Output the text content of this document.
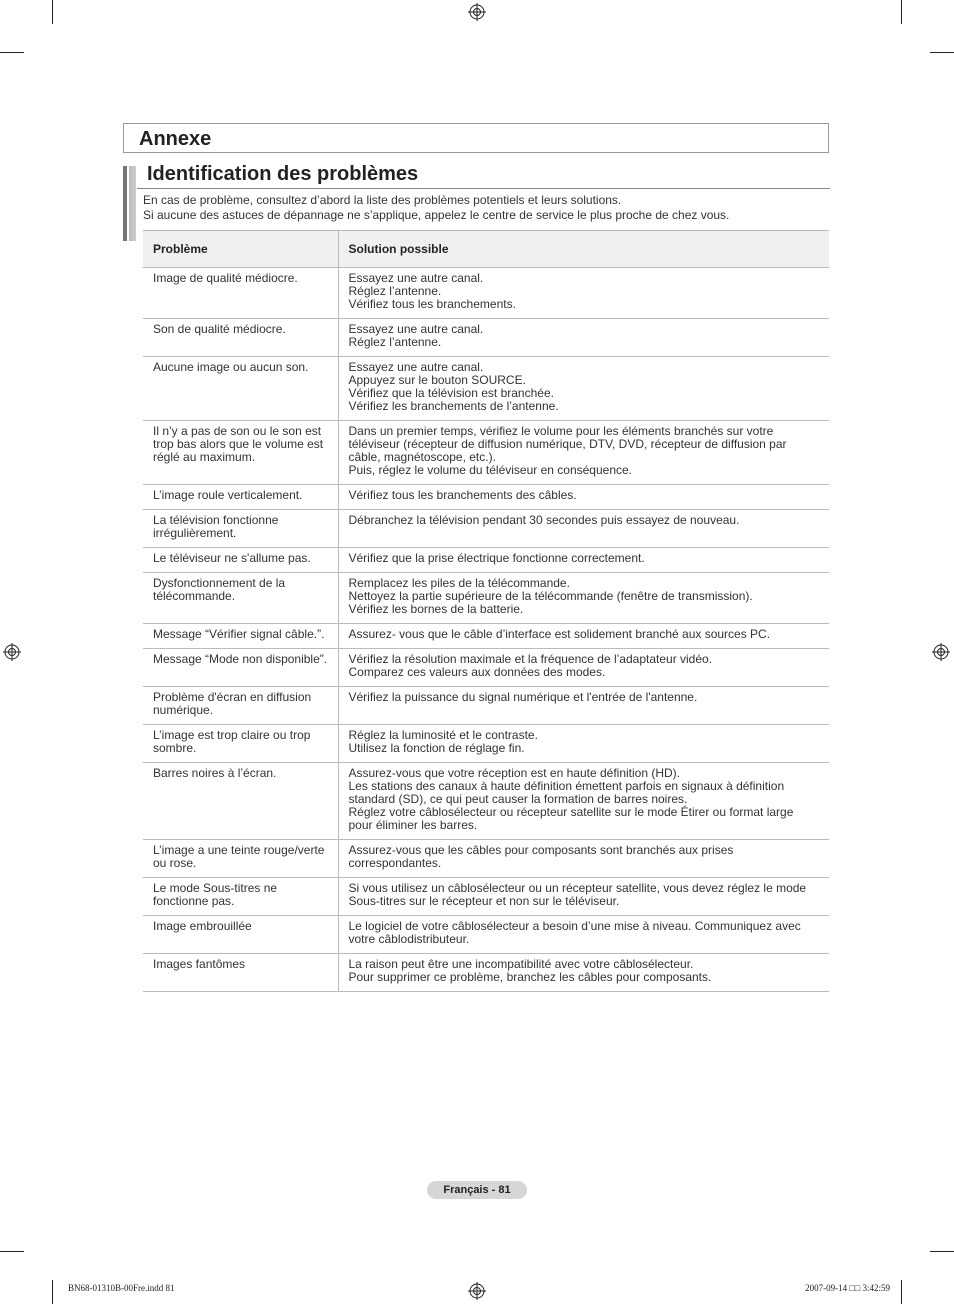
Annexe
Identification des problèmes

En cas de problème, consultez d’abord la liste des problèmes potentiels et leurs solutions.

Si aucune des astuces de dépannage ne s’applique, appelez le centre de service le plus proche de chez vous.

Problème	Solution possible
Image de qualité médiocre.	Essayez une autre canal.
Réglez l’antenne.
Vérifiez tous les branchements.

Son de qualité médiocre.	Essayez une autre canal.
Réglez l’antenne.

Aucune image ou aucun son.	Essayez une autre canal.
Appuyez sur le bouton SOURCE.
Vérifiez que la télévision est branchée.
Vérifiez les branchements de l’antenne.

Il n’y a pas de son ou le son est trop bas alors que le volume est réglé au maximum.	Dans un premier temps, vérifiez le volume pour les éléments branchés sur votre téléviseur (récepteur de diffusion numérique, DTV, DVD, récepteur de diffusion par câble, magnétoscope, etc.).
Puis, réglez le volume du téléviseur en conséquence.

L’image roule verticalement.	Vérifiez tous les branchements des câbles.

La télévision fonctionne irrégulièrement.	Débranchez la télévision pendant 30 secondes puis essayez de nouveau.

Le téléviseur ne s'allume pas.	Vérifiez que la prise électrique fonctionne correctement.

Dysfonctionnement de la télécommande.	Remplacez les piles de la télécommande.
Nettoyez la partie supérieure de la télécommande (fenêtre de transmission).
Vérifiez les bornes de la batterie.

Message “Vérifier signal câble.”.	Assurez- vous que le câble d’interface est solidement branché aux sources PC.

Message “Mode non disponible”.	Vérifiez la résolution maximale et la fréquence de l’adaptateur vidéo.
Comparez ces valeurs aux données des modes.

Problème d'écran en diffusion numérique.	Vérifiez la puissance du signal numérique et l'entrée de l'antenne.

L’image est trop claire ou trop sombre.	Réglez la luminosité et le contraste.
Utilisez la fonction de réglage fin.

Barres noires à l’écran.	Assurez-vous que votre réception est en haute définition (HD).
Les stations des canaux à haute définition émettent parfois en signaux à définition standard (SD), ce qui peut causer la formation de barres noires.
Réglez votre câblosélecteur ou récepteur satellite sur le mode Étirer ou format large pour éliminer les barres.

L’image a une teinte rouge/verte ou rose.	Assurez-vous que les câbles pour composants sont branchés aux prises correspondantes.

Le mode Sous-titres ne fonctionne pas.	Si vous utilisez un câblosélecteur ou un récepteur satellite, vous devez réglez le mode Sous-titres sur le récepteur et non sur le téléviseur.

Image embrouillée	Le logiciel de votre câblosélecteur a besoin d’une mise à niveau. Communiquez avec votre câblodistributeur.

Images fantômes	La raison peut être une incompatibilité avec votre câblosélecteur.
Pour supprimer ce problème, branchez les câbles pour composants.
Français - 81
BN68-01310B-00Fre.indd 81	2007-09-14 □□ 3:42:59
